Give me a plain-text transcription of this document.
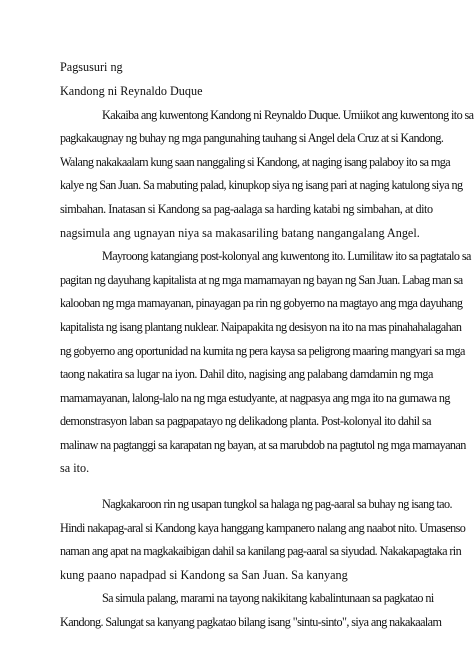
Pagsusuri ng

Kandong ni Reynaldo Duque

Kakaiba ang kuwentong Kandong ni Reynaldo Duque. Umiikot ang kuwentong ito sa
pagkakaugnay ng buhay ng mga pangunahing tauhang si Angel dela Cruz at si Kandong.
Walang nakakaalam kung saan nanggaling si Kandong, at naging isang palaboy ito sa mga
kalye ng San Juan. Sa mabuting palad, kinupkop siya ng isang pari at naging katulong siya ng
simbahan. Inatasan si Kandong sa pag-aalaga sa harding katabi ng simbahan, at dito
nagsimula ang ugnayan niya sa makasariling batang nangangalang Angel.
Mayroong katangiang post-kolonyal ang kuwentong ito. Lumilitaw ito sa pagtatalo sa
pagitan ng dayuhang kapitalista at ng mga mamamayan ng bayan ng San Juan. Labag man sa
kalooban ng mga mamayanan, pinayagan pa rin ng gobyerno na magtayo ang mga dayuhang
kapitalista ng isang plantang nuklear. Naipapakita ng desisyon na ito na mas pinahahalagahan
ng gobyerno ang oportunidad na kumita ng pera kaysa sa peligrong maaring mangyari sa mga
taong nakatira sa lugar na iyon. Dahil dito, nagising ang palabang damdamin ng mga
mamamayanan, lalong-lalo na ng mga estudyante, at nagpasya ang mga ito na gumawa ng
demonstrasyon laban sa pagpapatayo ng delikadong planta. Post-kolonyal ito dahil sa
malinaw na pagtanggi sa karapatan ng bayan, at sa marubdob na pagtutol ng mga mamayanan
sa ito.
Nagkakaroon rin ng usapan tungkol sa halaga ng pag-aaral sa buhay ng isang tao.
Hindi nakapag-aral si Kandong kaya hanggang kampanero nalang ang naabot nito. Umasenso
naman ang apat na magkakaibigan dahil sa kanilang pag-aaral sa siyudad. Nakakapagtaka rin
kung paano napadpad si Kandong sa San Juan. Sa kanyang
Sa simula palang, marami na tayong nakikitang kabalintunaan sa pagkatao ni
Kandong. Salungat sa kanyang pagkatao bilang isang "sintu-sinto", siya ang nakakaalam
